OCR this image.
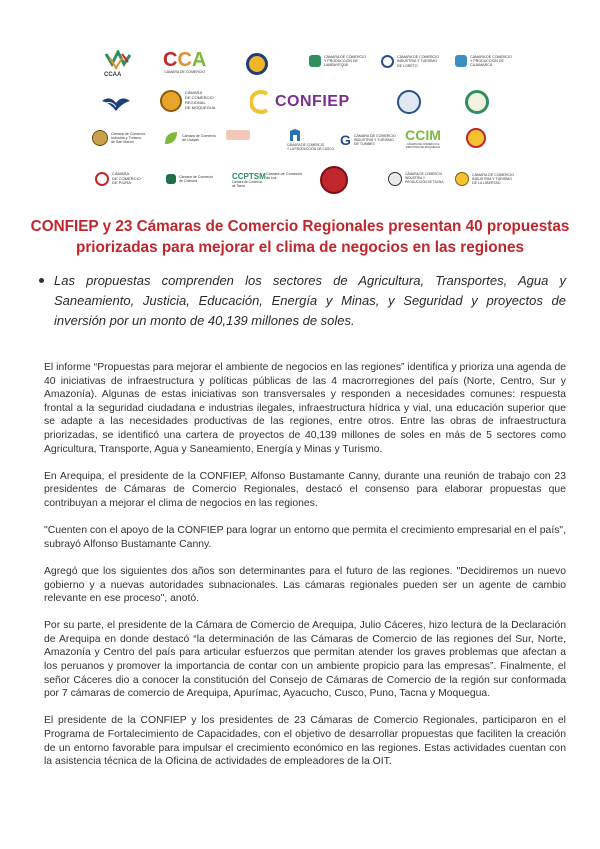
CCAA
CCA
CÁMARA DE COMERCIO
CÁMARA DE COMERCIO
Y PRODUCCIÓN DE
LAMBAYEQUE
CÁMARA DE COMERCIO
INDUSTRIA Y TURISMO
DE LORETO
CÁMARA DE COMERCIO
Y PRODUCCIÓN DE
CAJAMARCA
CÁMARA
DE COMERCIO
REGIONAL
DE MOQUEGUA	CONFIEP
Cámara de Comercio,
Industria y Turismo
de San Martín
Cámara de Comercio
de Ucayali
CÁMARA DE COMERCIO
Y LA PRODUCCIÓN DE CUSCO
G CÁMARA DE COMERCIO
INDUSTRIA Y TURISMO
DE TUMBES
CCIM
CÁMARA DE COMERCIO E INDUSTRIA DE MOQUEGUA
CÁMARA
DE COMERCIO
DE PIURA
Cámara de Comercio
de Chincha	CCPTSM
Cámara de Comercio
de Tacna
Cámara de Comercio
de Ica
CÁMARA DE COMERCIO
INDUSTRIA Y
PRODUCCIÓN DE TACNA
CÁMARA DE COMERCIO
INDUSTRIA Y TURISMO
DE LA LIBERTAD
CONFIEP y 23 Cámaras de Comercio Regionales presentan 40 propuestas priorizadas para mejorar el clima de negocios en las regiones

Las propuestas comprenden los sectores de Agricultura, Transportes, Agua y Saneamiento, Justicia, Educación, Energía y Minas, y Seguridad y proyectos de inversión por un monto de 40,139 millones de soles.

El informe “Propuestas para mejorar el ambiente de negocios en las regiones” identifica y prioriza una agenda de 40 iniciativas de infraestructura y políticas públicas de las 4 macrorregiones del país (Norte, Centro, Sur y Amazonía). Algunas de estas iniciativas son transversales y responden a necesidades comunes: respuesta frontal a la seguridad ciudadana e industrias ilegales, infraestructura hídrica y vial, una educación superior que se adapte a las necesidades productivas de las regiones, entre otros. Entre las obras de infraestructura priorizadas, se identificó una cartera de proyectos de 40,139 millones de soles en más de 5 sectores como Agricultura, Transporte, Agua y Saneamiento, Energía y Minas y Turismo.

En Arequipa, el presidente de la CONFIEP, Alfonso Bustamante Canny, durante una reunión de trabajo con 23 presidentes de Cámaras de Comercio Regionales, destacó el consenso para elaborar propuestas que contribuyan a mejorar el clima de negocios en las regiones.

"Cuenten con el apoyo de la CONFIEP para lograr un entorno que permita el crecimiento empresarial en el país", subrayó Alfonso Bustamante Canny.

Agregó que los siguientes dos años son determinantes para el futuro de las regiones. "Decidiremos un nuevo gobierno y a nuevas autoridades subnacionales. Las cámaras regionales pueden ser un agente de cambio relevante en ese proceso", anotó.

Por su parte, el presidente de la Cámara de Comercio de Arequipa, Julio Cáceres, hizo lectura de la Declaración de Arequipa en donde destacó “la determinación de las Cámaras de Comercio de las regiones del Sur, Norte, Amazonía y Centro del país para articular esfuerzos que permitan atender los graves problemas que afectan a los peruanos y promover la importancia de contar con un ambiente propicio para las empresas”. Finalmente, el señor Cáceres dio a conocer la constitución del Consejo de Cámaras de Comercio de la región sur conformada por 7 cámaras de comercio de Arequipa, Apurímac, Ayacucho, Cusco, Puno, Tacna y Moquegua.

El presidente de la CONFIEP y los presidentes de 23 Cámaras de Comercio Regionales, participaron en el Programa de Fortalecimiento de Capacidades, con el objetivo de desarrollar propuestas que faciliten la creación de un entorno favorable para impulsar el crecimiento económico en las regiones. Estas actividades cuentan con la asistencia técnica de la Oficina de actividades de empleadores de la OIT.
